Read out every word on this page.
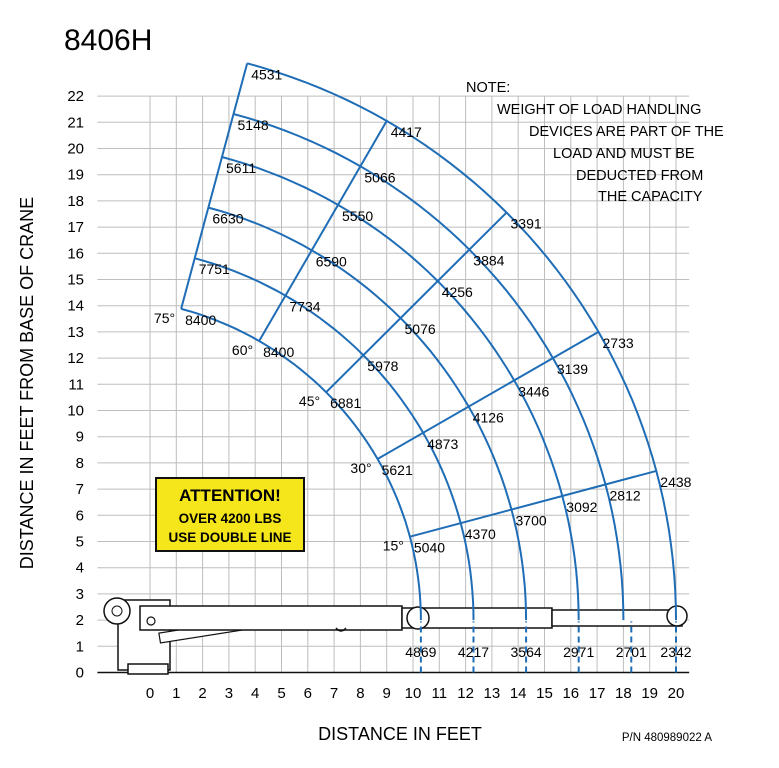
5040
4370
3700
3092
2812
2438
15°
5621
4873
4126
3446
3139
2733
30°
6881
5978
5076
4256
3884
3391
45°
8400
7734
6590
5550
5066
4417
60°
8400
7751
6630
5611
5148
4531
75°
4869 4217 3564 2971 2701 2342
0 1 2 3 4 5 6 7 8 9 10 11 12 13 14 15 16 17 18 19 20
0
1
2
3
4
5
6
7
8
9
10
11
12
13
14
15
16
17
18
19
20
21
22
8406H
NOTE:
WEIGHT OF LOAD HANDLING
DEVICES ARE PART OF THE
LOAD AND MUST BE
DEDUCTED FROM
THE CAPACITY
ATTENTION!
OVER 4200 LBS
USE DOUBLE LINE
DISTANCE IN FEET
DISTANCE IN FEET FROM BASE OF CRANE
P/N 480989022 A
